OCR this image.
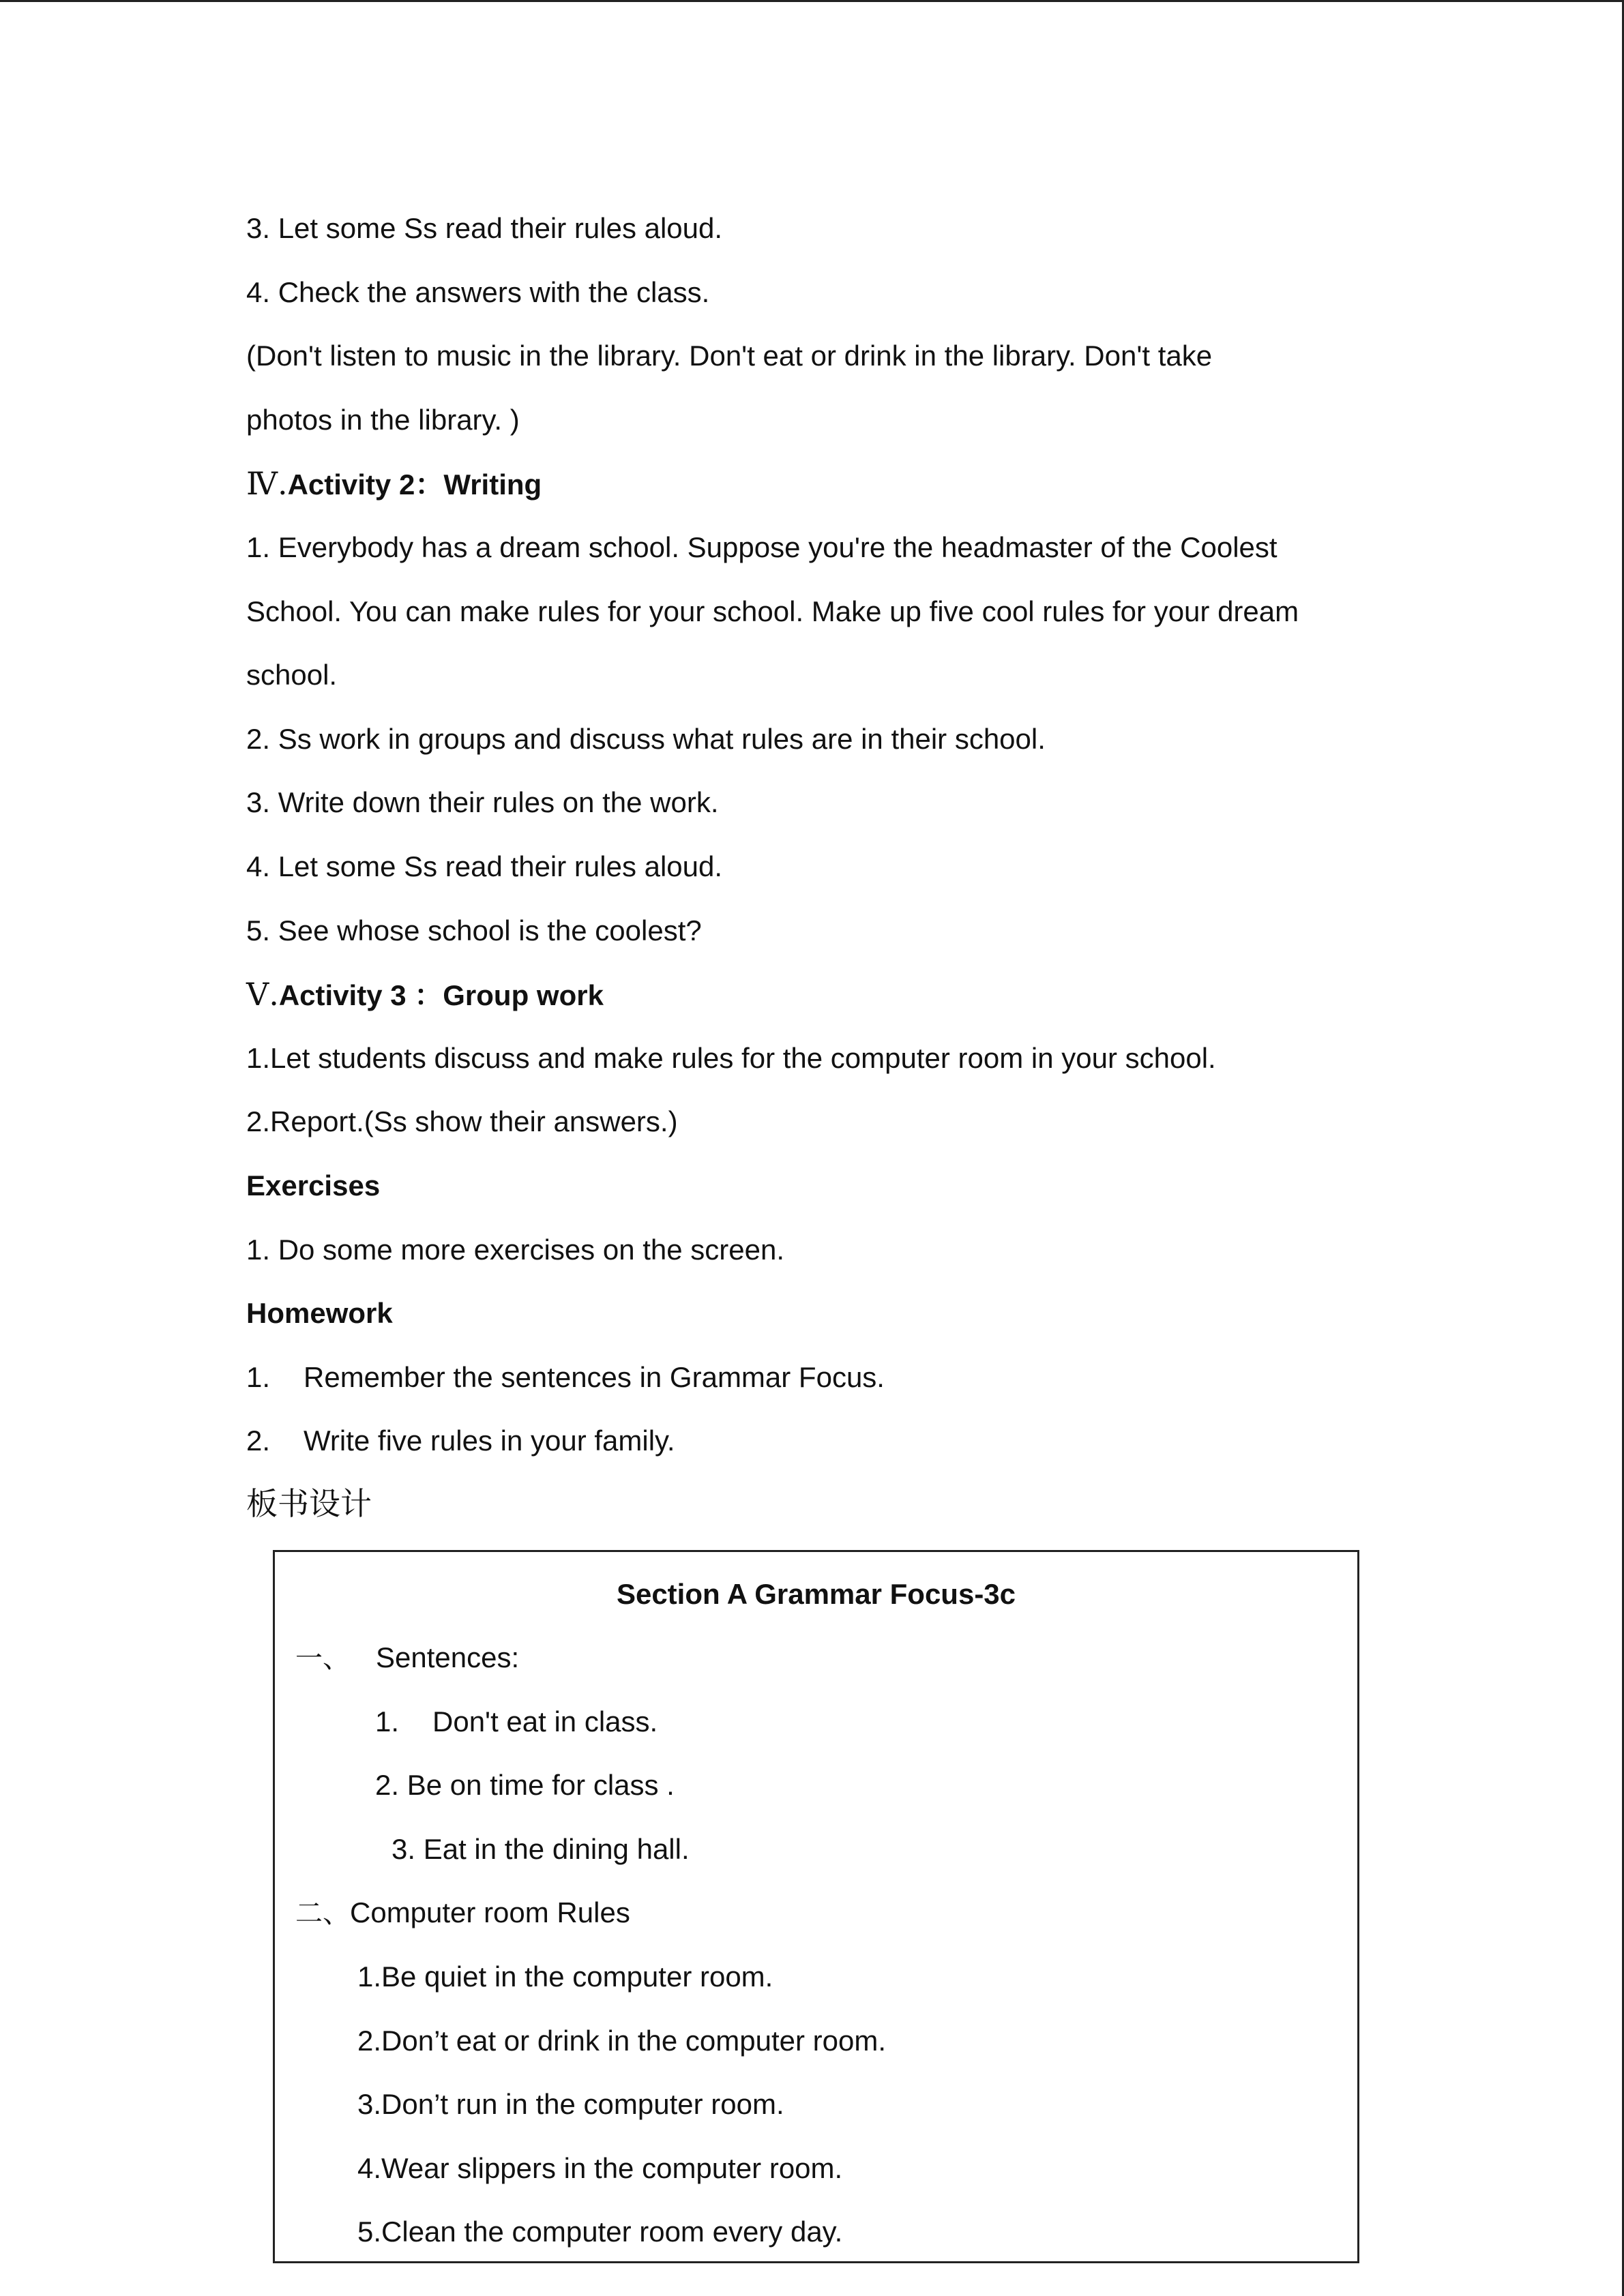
3. Let some Ss read their rules aloud.
4. Check the answers with the class.
(Don't listen to music in the library. Don't eat or drink in the library. Don't take
photos in the library. )
Ⅳ.Activity 2：Writing
1. Everybody has a dream school. Suppose you're the headmaster of the Coolest
School. You can make rules for your school. Make up five cool rules for your dream
school.
2. Ss work in groups and discuss what rules are in their school.
3. Write down their rules on the work.
4. Let some Ss read their rules aloud.
5. See whose school is the coolest?
Ⅴ.Activity 3 ：Group work
1.Let students discuss and make rules for the computer room in your school.
2.Report.(Ss show their answers.)
Exercises
1. Do some more exercises on the screen.
Homework
1. Remember the sentences in Grammar Focus.
2. Write five rules in your family.
板书设计
Section A Grammar Focus-3c
一、 Sentences:
1. Don't eat in class.
2. Be on time for class .
3. Eat in the dining hall.
二、Computer room Rules
1.Be quiet in the computer room.
2.Don’t eat or drink in the computer room.
3.Don’t run in the computer room.
4.Wear slippers in the computer room.
5.Clean the computer room every day.
